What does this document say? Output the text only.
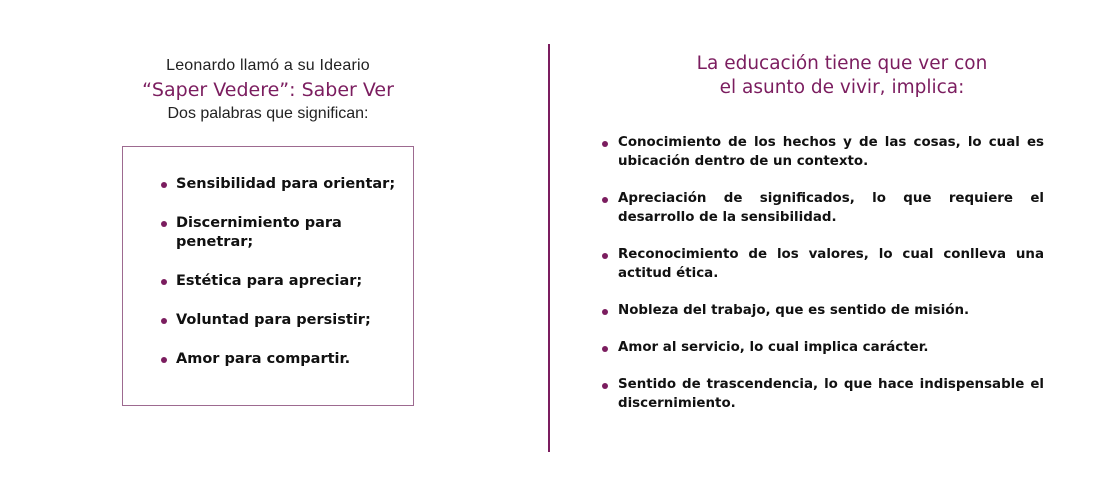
Leonardo llamó a su Ideario
“Saper Vedere”: Saber Ver
Dos palabras que significan:
Sensibilidad para orientar;
Discernimiento para penetrar;
Estética para apreciar;
Voluntad para persistir;
Amor para compartir.
La educación tiene que ver con
el asunto de vivir, implica:
Conocimiento de los hechos y de las cosas, lo cual es ubicación dentro de un contexto.
Apreciación de significados, lo que requiere el desarrollo de la sensibilidad.
Reconocimiento de los valores, lo cual conlleva una actitud ética.
Nobleza del trabajo, que es sentido de misión.
Amor al servicio, lo cual implica carácter.
Sentido de trascendencia, lo que hace indispensable el discernimiento.
